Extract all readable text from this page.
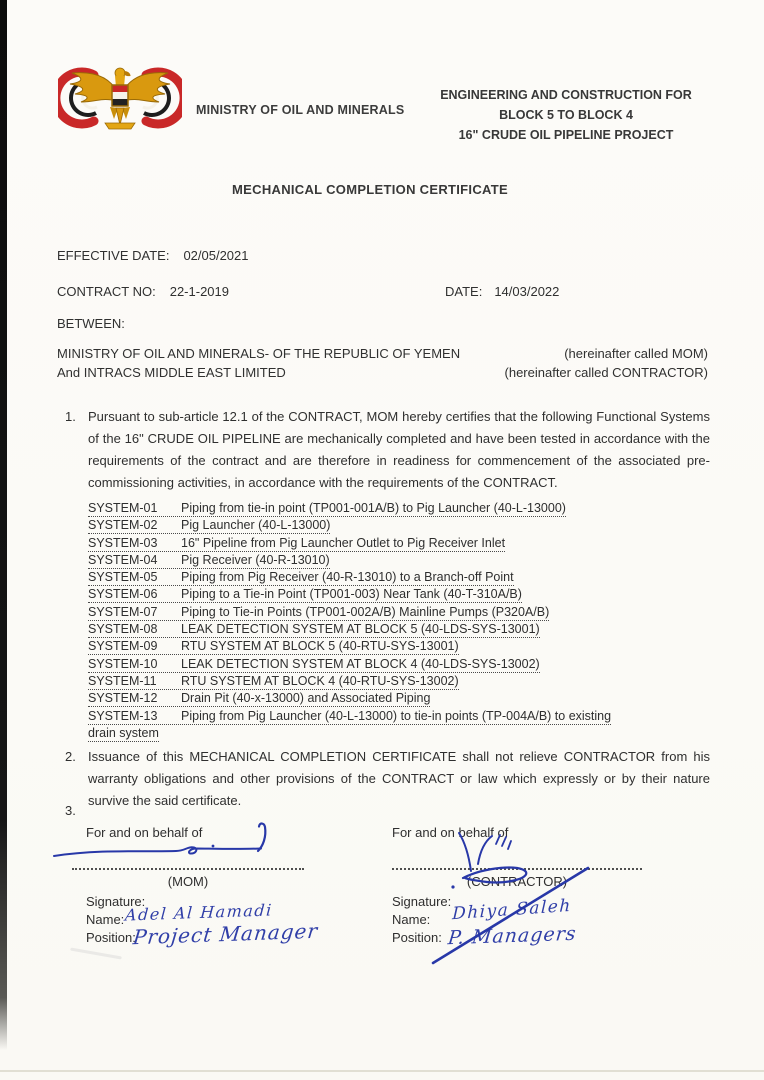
MINISTRY OF OIL AND MINERALS
ENGINEERING AND CONSTRUCTION FOR
BLOCK 5 TO BLOCK 4
16" CRUDE OIL PIPELINE PROJECT
MECHANICAL COMPLETION CERTIFICATE
EFFECTIVE DATE: 02/05/2021
CONTRACT NO: 22-1-2019	DATE: 14/03/2022
BETWEEN:
MINISTRY OF OIL AND MINERALS- OF THE REPUBLIC OF YEMEN	(hereinafter called MOM)
And INTRACS MIDDLE EAST LIMITED	(hereinafter called CONTRACTOR)
1. Pursuant to sub-article 12.1 of the CONTRACT, MOM hereby certifies that the following Functional Systems of the 16" CRUDE OIL PIPELINE are mechanically completed and have been tested in accordance with the requirements of the contract and are therefore in readiness for commencement of the associated pre-commissioning activities, in accordance with the requirements of the CONTRACT.
SYSTEM-01 Piping from tie-in point (TP001-001A/B) to Pig Launcher (40-L-13000)
SYSTEM-02 Pig Launcher (40-L-13000)
SYSTEM-03 16" Pipeline from Pig Launcher Outlet to Pig Receiver Inlet
SYSTEM-04 Pig Receiver (40-R-13010)
SYSTEM-05 Piping from Pig Receiver (40-R-13010) to a Branch-off Point
SYSTEM-06 Piping to a Tie-in Point (TP001-003) Near Tank (40-T-310A/B)
SYSTEM-07 Piping to Tie-in Points (TP001-002A/B) Mainline Pumps (P320A/B)
SYSTEM-08 LEAK DETECTION SYSTEM AT BLOCK 5 (40-LDS-SYS-13001)
SYSTEM-09 RTU SYSTEM AT BLOCK 5 (40-RTU-SYS-13001)
SYSTEM-10 LEAK DETECTION SYSTEM AT BLOCK 4 (40-LDS-SYS-13002)
SYSTEM-11 RTU SYSTEM AT BLOCK 4 (40-RTU-SYS-13002)
SYSTEM-12 Drain Pit (40-x-13000) and Associated Piping
SYSTEM-13 Piping from Pig Launcher (40-L-13000) to tie-in points (TP-004A/B) to existing
drain system
2. Issuance of this MECHANICAL COMPLETION CERTIFICATE shall not relieve CONTRACTOR from his warranty obligations and other provisions of the CONTRACT or law which expressly or by their nature survive the said certificate.
3.
For and on behalf of
(MOM)
Signature:
Name:
Position:
For and on behalf of
(CONTRACTOR)
Signature:
Name:
Position:
Adel Al Hamadi
Project Manager
Dhiya Saleh
P. Managers
